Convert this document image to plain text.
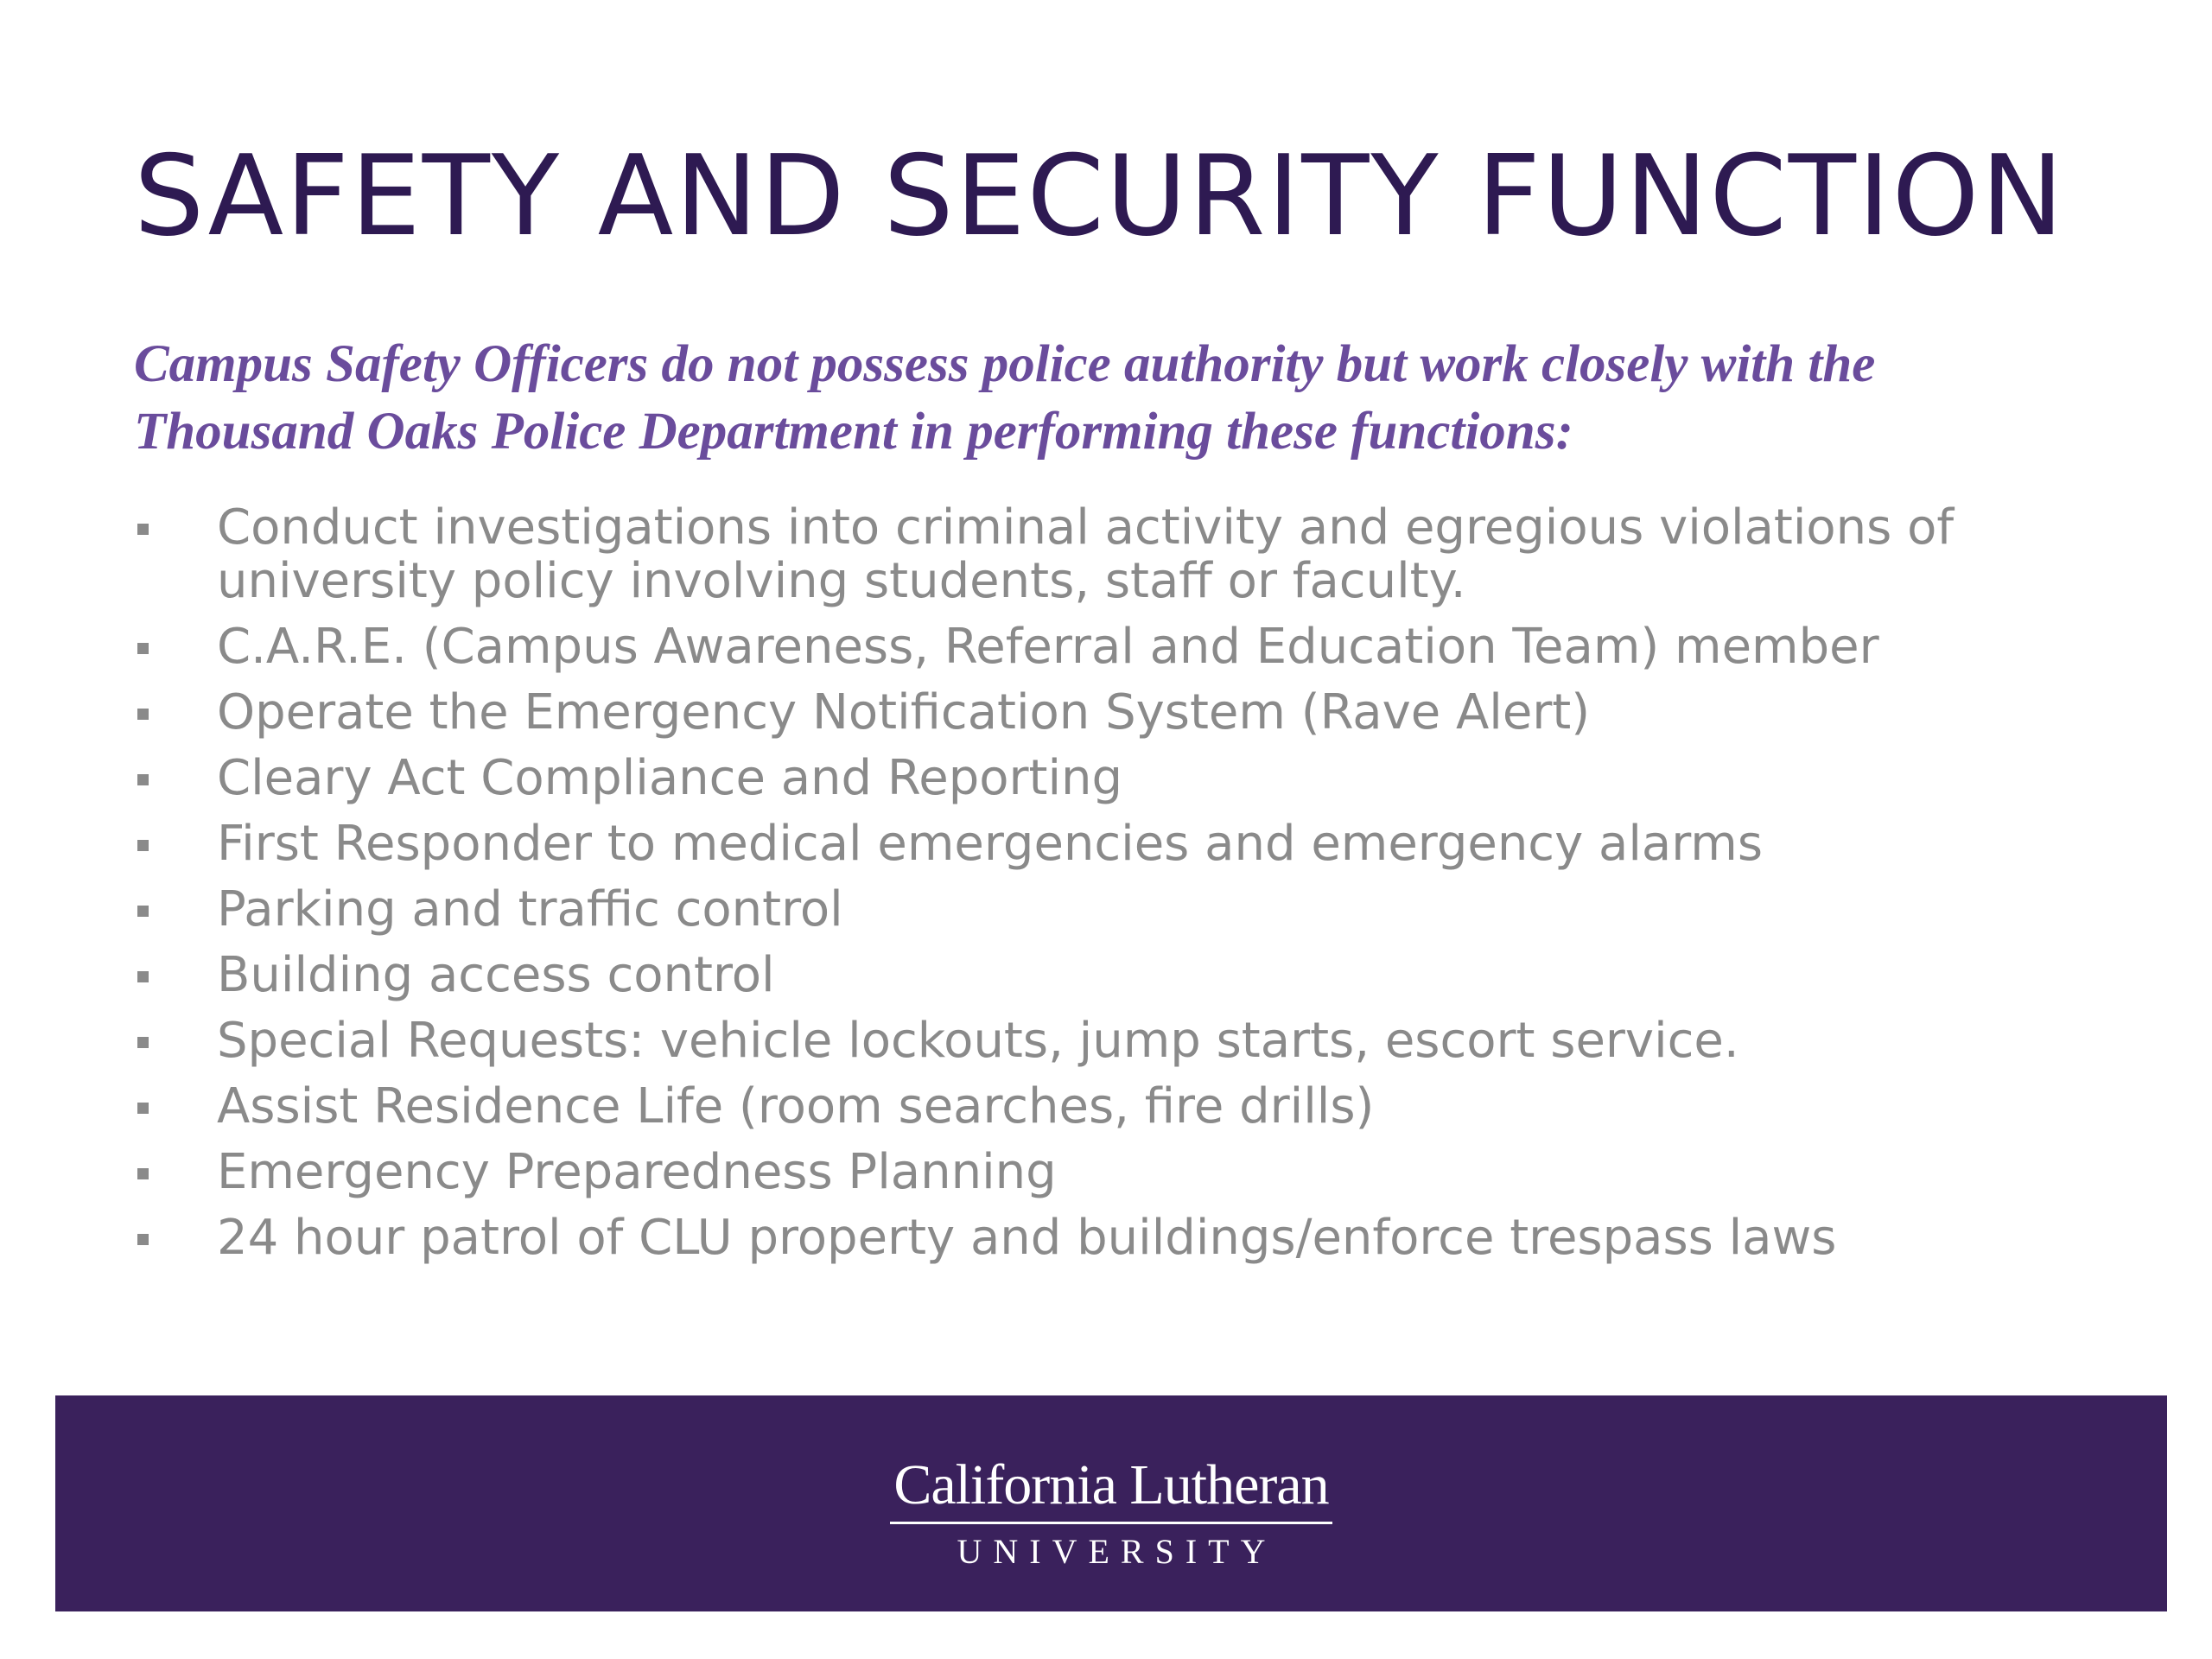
SAFETY AND SECURITY FUNCTION

Campus Safety Officers do not possess police authority but work closely with the
Thousand Oaks Police Department in performing these functions:

Conduct investigations into criminal activity and egregious violations of university policy involving students, staff or faculty.
C.A.R.E. (Campus Awareness, Referral and Education Team) member
Operate the Emergency Notification System (Rave Alert)
Cleary Act Compliance and Reporting
First Responder to medical emergencies and emergency alarms
Parking and traffic control
Building access control
Special Requests: vehicle lockouts, jump starts, escort service.
Assist Residence Life (room searches, fire drills)
Emergency Preparedness Planning
24 hour patrol of CLU property and buildings/enforce trespass laws
California Lutheran
UNIVERSITY
